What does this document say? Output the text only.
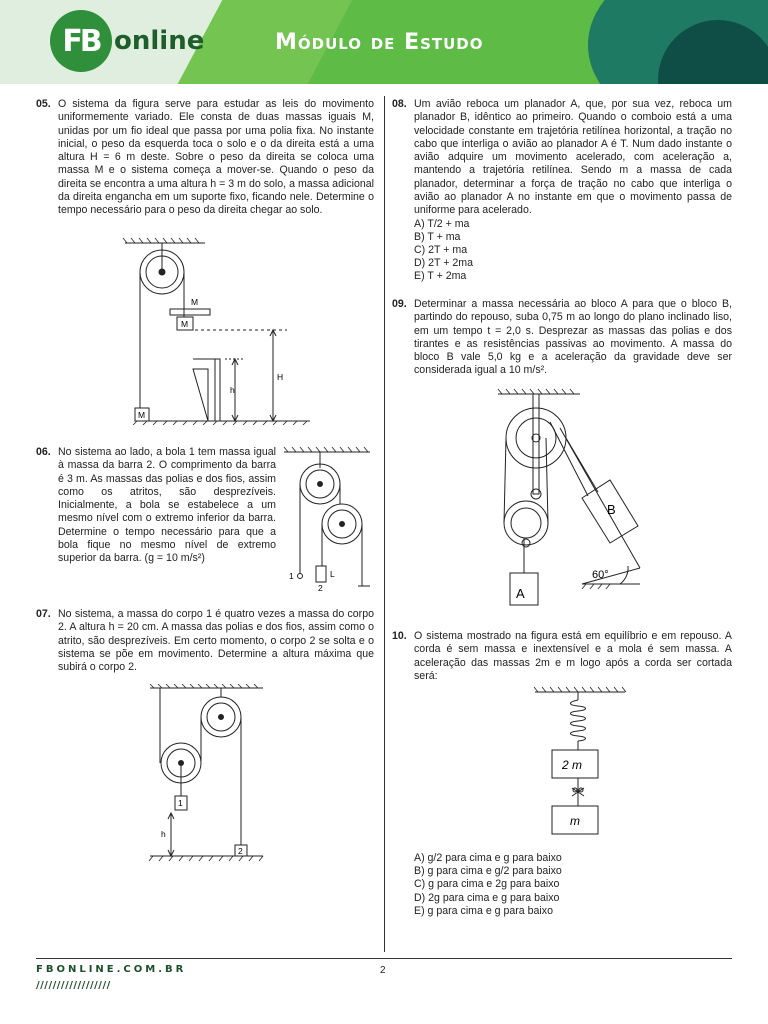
FB online	Módulo de Estudo
05. O sistema da figura serve para estudar as leis do movimento uniformemente variado. Ele consta de duas massas iguais M, unidas por um fio ideal que passa por uma polia fixa. No instante inicial, o peso da esquerda toca o solo e o da direita está a uma altura H = 6 m deste. Sobre o peso da direita se coloca uma massa M e o sistema começa a mover-se. Quando o peso da direita se encontra a uma altura h = 3 m do solo, a massa adicional da direita engancha em um suporte fixo, ficando nele. Determine o tempo necessário para o peso da direita chegar ao solo.
06. No sistema ao lado, a bola 1 tem massa igual à massa da barra 2. O comprimento da barra é 3 m. As massas das polias e dos fios, assim como os atritos, são desprezíveis. Inicialmente, a bola se estabelece a um mesmo nível com o extremo inferior da barra. Determine o tempo necessário para que a bola fique no mesmo nível de extremo superior da barra. (g = 10 m/s²)
07. No sistema, a massa do corpo 1 é quatro vezes a massa do corpo 2. A altura h = 20 cm. A massa das polias e dos fios, assim como o atrito, são desprezíveis. Em certo momento, o corpo 2 se solta e o sistema se põe em movimento. Determine a altura máxima que subirá o corpo 2.
M
M
M
h
H
1
2
L
1
2
h
08. Um avião reboca um planador A, que, por sua vez, reboca um planador B, idêntico ao primeiro. Quando o comboio está a uma velocidade constante em trajetória retilínea horizontal, a tração no cabo que interliga o avião ao planador A é T. Num dado instante o avião adquire um movimento acelerado, com aceleração a, mantendo a trajetória retilínea. Sendo m a massa de cada planador, determinar a força de tração no cabo que interliga o avião ao planador A no instante em que o movimento passa de uniforme para acelerado.
A) T/2 + ma
B) T + ma
C) 2T + ma
D) 2T + 2ma
E) T + 2ma
09. Determinar a massa necessária ao bloco A para que o bloco B, partindo do repouso, suba 0,75 m ao longo do plano inclinado liso, em um tempo t = 2,0 s. Desprezar as massas das polias e dos tirantes e as resistências passivas ao movimento. A massa do bloco B vale 5,0 kg e a aceleração da gravidade deve ser considerada igual a 10 m/s².
10. O sistema mostrado na figura está em equilíbrio e em repouso. A corda é sem massa e inextensível e a mola é sem massa. A aceleração das massas 2m e m logo após a corda ser cortada será:
A) g/2 para cima e g para baixo
B) g para cima e g/2 para baixo
C) g para cima e 2g para baixo
D) 2g para cima e g para baixo
E) g para cima e g para baixo
A
B
60°
2 m
m
FBONLINE.COM.BR
//////////////////
2
